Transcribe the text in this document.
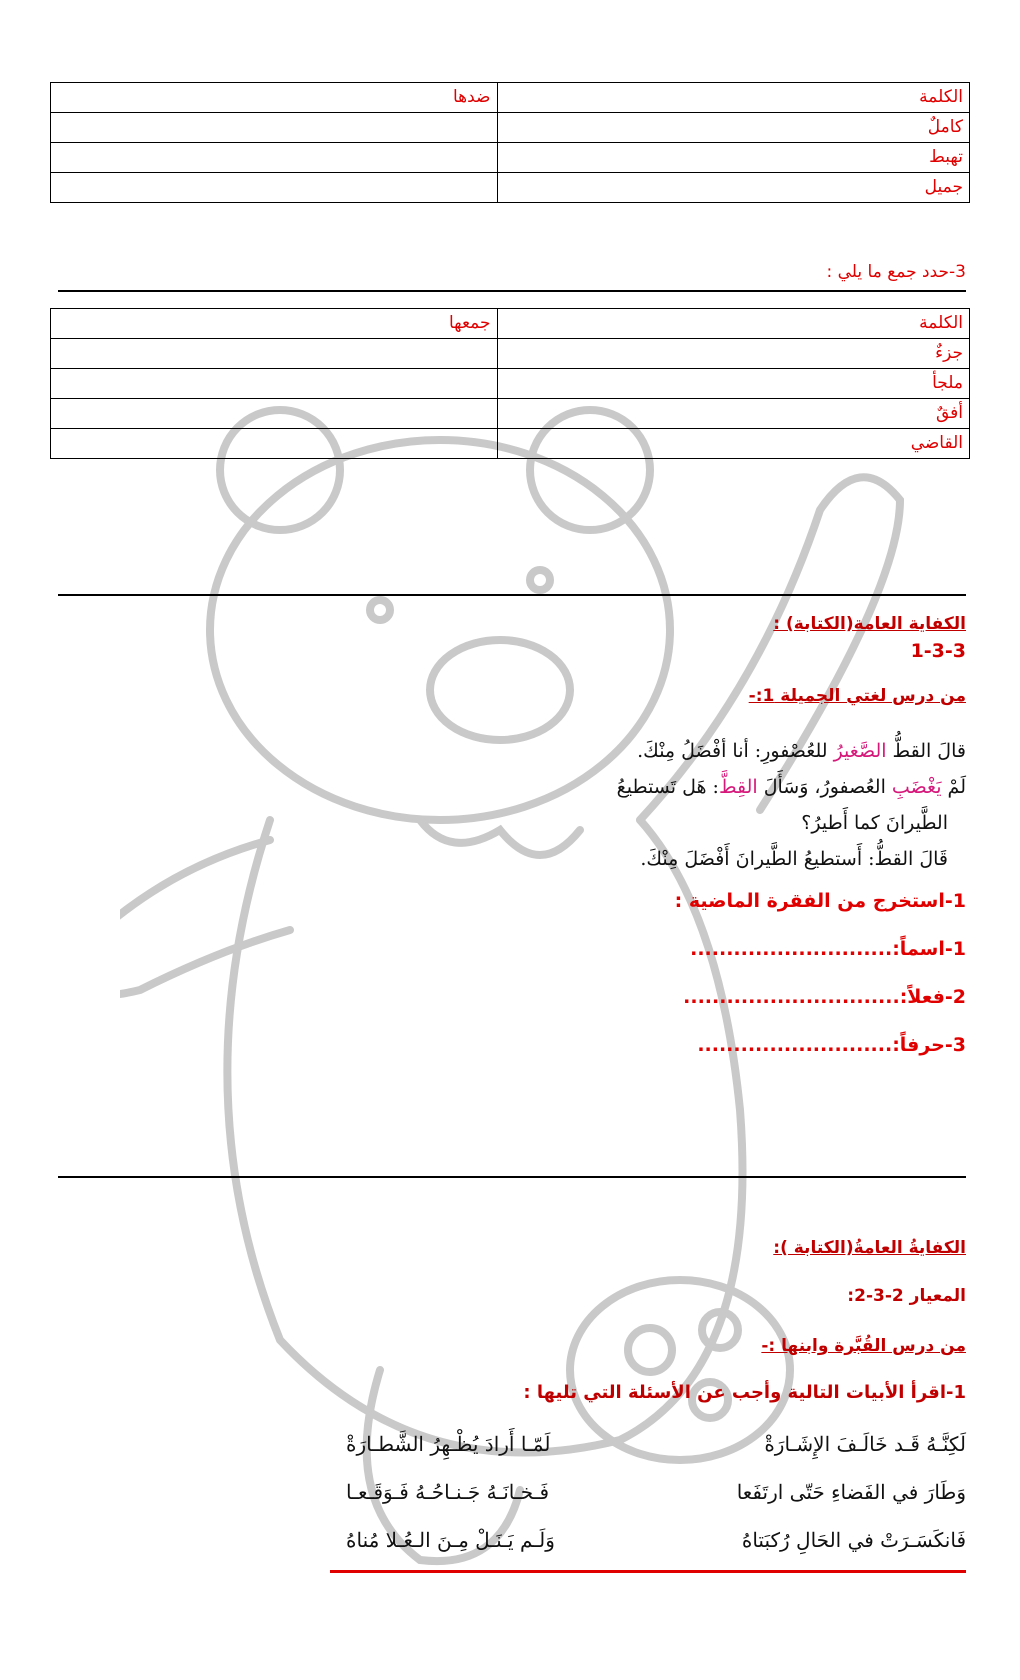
الكلمة	ضدها
كاملٌ	
تهبط	
جميل	
3-حدد جمع ما يلي :
الكلمة	جمعها
جزءٌ	
ملجأ	
أفقٌ	
القاضي	
الكفاية العامة(الكتابة) :
1-3-3
من درس لغتي الجميلة 1:-
قالَ القطُّ الصَّغيرُ للعُصْفورِ: أنا أفْضَلُ مِنْكَ.
لَمْ يَغْضَبِ العُصفورُ، وَسَأَلَ القِطَّ: هَل تَستطيعُ
الطَّيرانَ كما أَطيرُ؟
قَالَ القطُّ: أَستطيعُ الطَّيرانَ أَفْضَلَ مِنْكَ.
1-استخرج من الفقرة الماضية :
1-اسماً:............................
2-فعلاً:..............................
3-حرفاً:...........................
الكفايةُ العامةُ(الكتابة ):
المعيار 2-3-2:
من درس القُبَّرة وابنها :-
1-اقرأ الأبيات التالية وأجب عن الأسئلة التي تليها :
لَكِنَّـهُ قَـد خَالَـفَ الإِشَـارَةْ
لَمّـا أَرادَ يُظْـهِرُ الشَّطـارَةْ
وَطَارَ في الفَضاءِ حَتّى ارتَفَعا
فَـخـانَـهُ جَـنـاحُـهُ فَـوَقَـعـا
فَانكَسَـرَتْ في الحَالِ رُكبَتاهُ
وَلَـم يَـنَـلْ مِـنَ الـعُـلا مُناهُ
